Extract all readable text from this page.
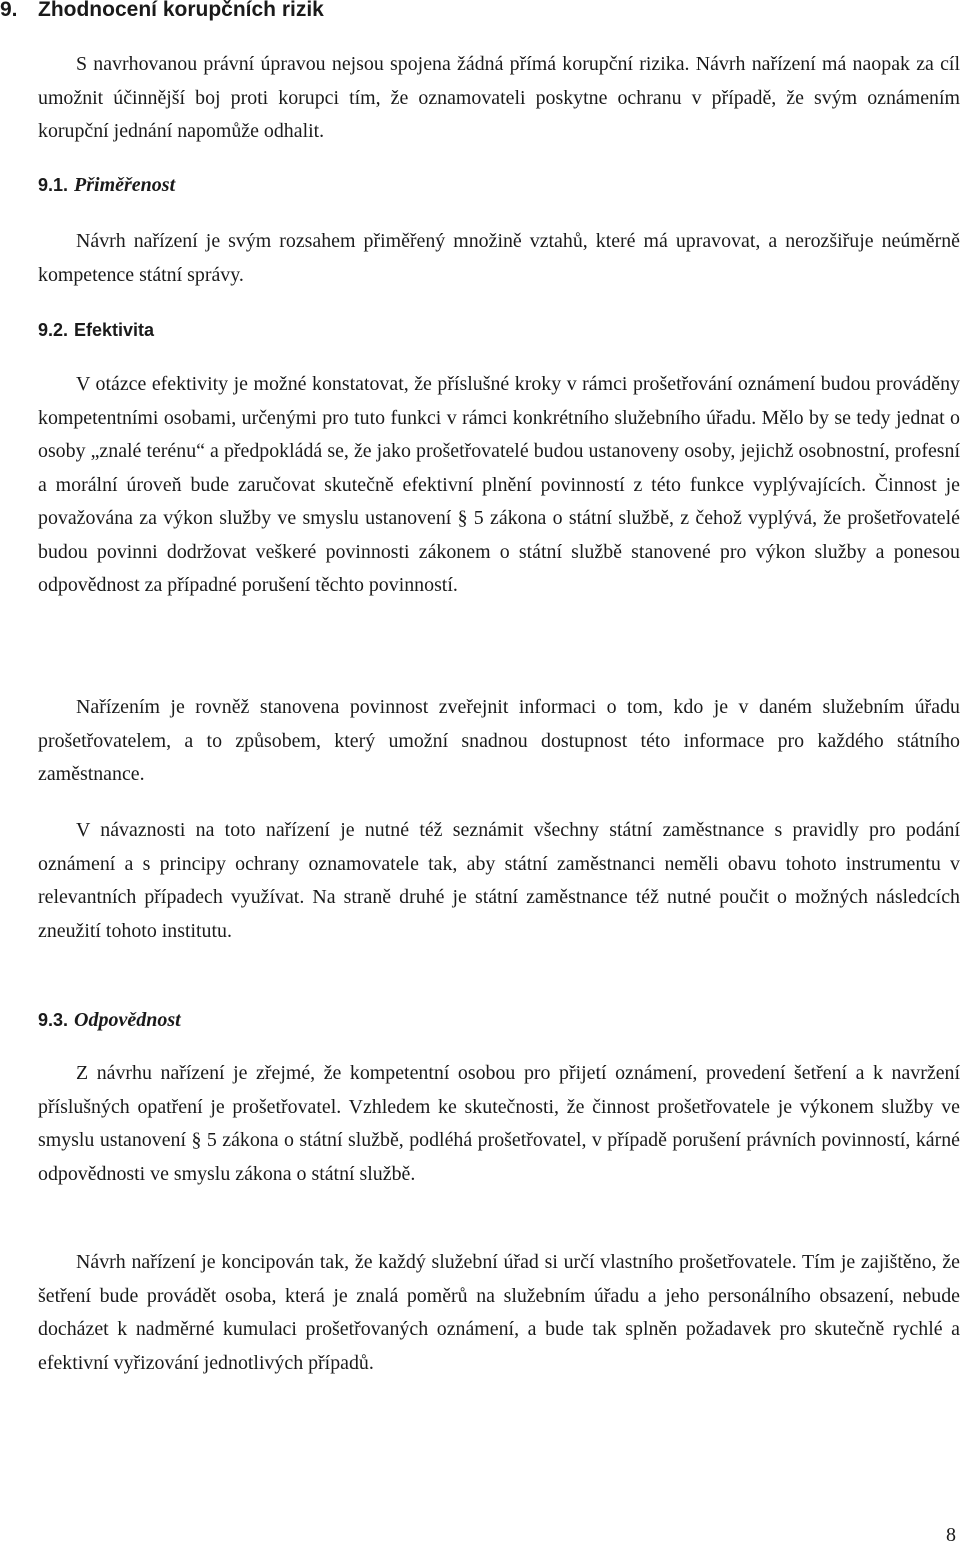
9. Zhodnocení korupčních rizik

S navrhovanou právní úpravou nejsou spojena žádná přímá korupční rizika. Návrh nařízení má naopak za cíl umožnit účinnější boj proti korupci tím, že oznamovateli poskytne ochranu v případě, že svým oznámením korupční jednání napomůže odhalit.

9.1. Přiměřenost

Návrh nařízení je svým rozsahem přiměřený množině vztahů, které má upravovat, a nerozšiřuje neúměrně kompetence státní správy.

9.2. Efektivita

V otázce efektivity je možné konstatovat, že příslušné kroky v rámci prošetřování oznámení budou prováděny kompetentními osobami, určenými pro tuto funkci v rámci konkrétního služebního úřadu. Mělo by se tedy jednat o osoby „znalé terénu“ a předpokládá se, že jako prošetřovatelé budou ustanoveny osoby, jejichž osobnostní, profesní a morální úroveň bude zaručovat skutečně efektivní plnění povinností z této funkce vyplývajících. Činnost je považována za výkon služby ve smyslu ustanovení § 5 zákona o státní službě, z čehož vyplývá, že prošetřovatelé budou povinni dodržovat veškeré povinnosti zákonem o státní službě stanovené pro výkon služby a ponesou odpovědnost za případné porušení těchto povinností.

Nařízením je rovněž stanovena povinnost zveřejnit informaci o tom, kdo je v daném služebním úřadu prošetřovatelem, a to způsobem, který umožní snadnou dostupnost této informace pro každého státního zaměstnance.

V návaznosti na toto nařízení je nutné též seznámit všechny státní zaměstnance s pravidly pro podání oznámení a s principy ochrany oznamovatele tak, aby státní zaměstnanci neměli obavu tohoto instrumentu v relevantních případech využívat. Na straně druhé je státní zaměstnance též nutné poučit o možných následcích zneužití tohoto institutu.

9.3. Odpovědnost

Z návrhu nařízení je zřejmé, že kompetentní osobou pro přijetí oznámení, provedení šetření a k navržení příslušných opatření je prošetřovatel. Vzhledem ke skutečnosti, že činnost prošetřovatele je výkonem služby ve smyslu ustanovení § 5 zákona o státní službě, podléhá prošetřovatel, v případě porušení právních povinností, kárné odpovědnosti ve smyslu zákona o státní službě.

Návrh nařízení je koncipován tak, že každý služební úřad si určí vlastního prošetřovatele. Tím je zajištěno, že šetření bude provádět osoba, která je znalá poměrů na služebním úřadu a jeho personálního obsazení, nebude docházet k nadměrné kumulaci prošetřovaných oznámení, a bude tak splněn požadavek pro skutečně rychlé a efektivní vyřizování jednotlivých případů.

8
